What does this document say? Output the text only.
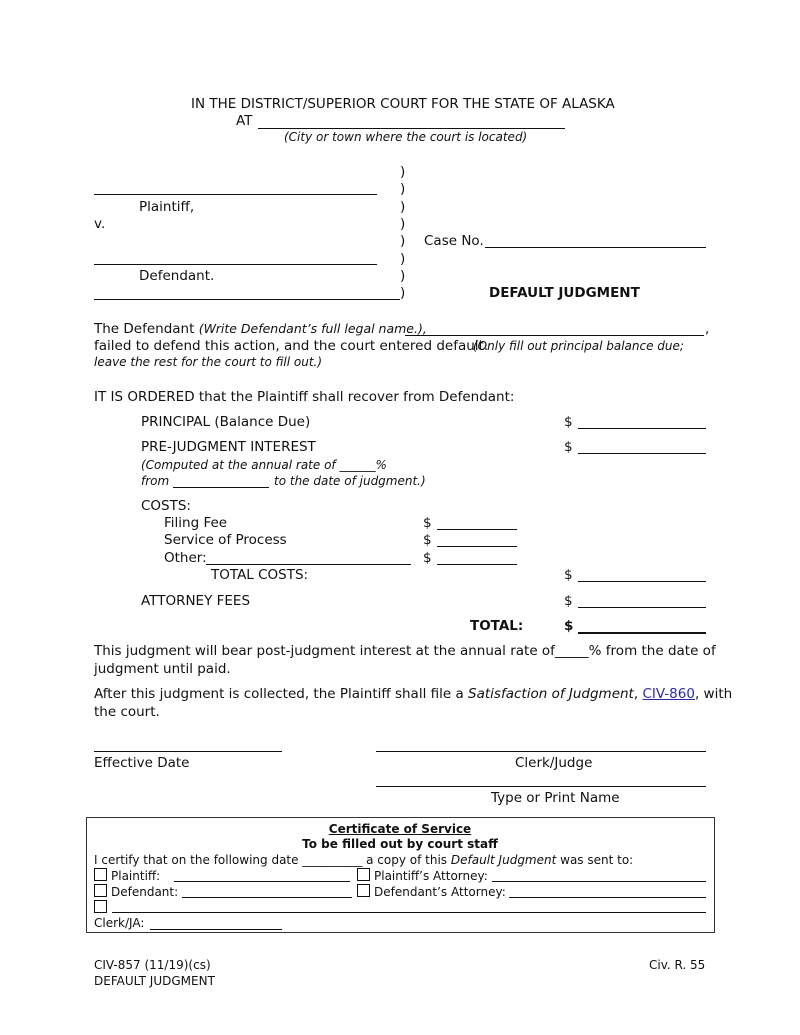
IN THE DISTRICT/SUPERIOR COURT FOR THE STATE OF ALASKA
AT
(City or town where the court is located)
)
)
)
)
)
)
)
)
Plaintiff,
v.
Case No.
Defendant.
DEFAULT JUDGMENT
The Defendant (Write Defendant’s full legal name.),	,
failed to defend this action, and the court entered default.
(Only fill out principal balance due;
leave the rest for the court to fill out.)
IT IS ORDERED that the Plaintiff shall recover from Defendant:
PRINCIPAL (Balance Due)	$
PRE-JUDGMENT INTEREST	$
(Computed at the annual rate of ______%
from	to the date of judgment.)
COSTS:
Filing Fee	$
Service of Process	$
Other:	$
TOTAL COSTS:	$
ATTORNEY FEES	$
TOTAL:	$
This judgment will bear post-judgment interest at the annual rate of_____% from the date of
judgment until paid.
After this judgment is collected, the Plaintiff shall file a Satisfaction of Judgment, CIV-860, with
the court.
Effective Date	Clerk/Judge
Type or Print Name
Certificate of Service
To be filled out by court staff
I certify that on the following date __________ a copy of this Default Judgment was sent to:
Plaintiff:	Plaintiff’s Attorney:
Defendant:	Defendant’s Attorney:
Clerk/JA:
CIV-857 (11/19)(cs)
DEFAULT JUDGMENT
Civ. R. 55
